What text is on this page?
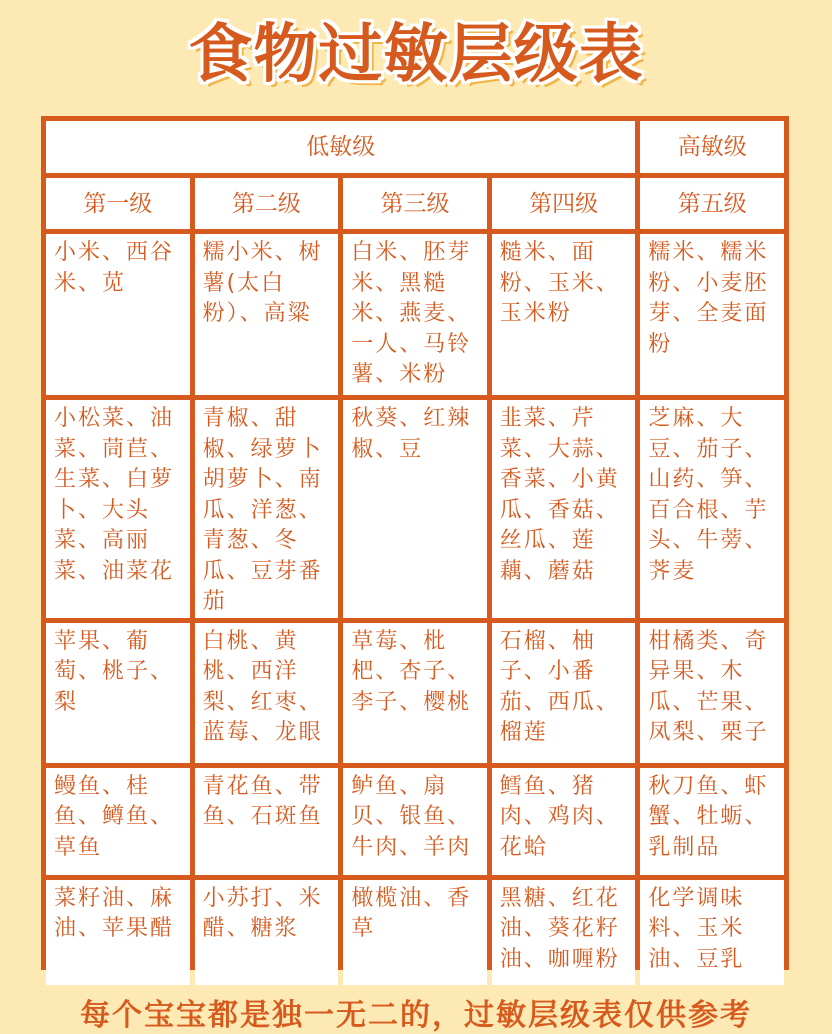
食物过敏层级表
低敏级				高敏级
第一级	第二级	第三级	第四级	第五级
小米、西谷米、苋	糯小米、树薯(太白粉）、高粱	白米、胚芽米、黑糙米、燕麦、一人、马铃薯、米粉	糙米、面粉、玉米、玉米粉	糯米、糯米粉、小麦胚芽、全麦面粉
小松菜、油菜、茼苣、生菜、白萝卜、大头菜、高丽菜、油菜花	青椒、甜椒、绿萝卜胡萝卜、南瓜、洋葱、青葱、冬瓜、豆芽番茄	秋葵、红辣椒、豆	韭菜、芹菜、大蒜、香菜、小黄瓜、香菇、丝瓜、莲藕、蘑菇	芝麻、大豆、茄子、山药、笋、百合根、芋头、牛蒡、荠麦
苹果、葡萄、桃子、梨	白桃、黄桃、西洋梨、红枣、蓝莓、龙眼	草莓、枇杷、杏子、李子、樱桃	石榴、柚子、小番茄、西瓜、榴莲	柑橘类、奇异果、木瓜、芒果、凤梨、栗子
鳗鱼、桂鱼、鳟鱼、草鱼	青花鱼、带鱼、石斑鱼	鲈鱼、扇贝、银鱼、牛肉、羊肉	鳕鱼、猪肉、鸡肉、花蛤	秋刀鱼、虾蟹、牡蛎、乳制品
菜籽油、麻油、苹果醋	小苏打、米醋、糖浆	橄榄油、香草	黑糖、红花油、葵花籽油、咖喱粉	化学调味料、玉米油、豆乳
每个宝宝都是独一无二的，过敏层级表仅供参考
